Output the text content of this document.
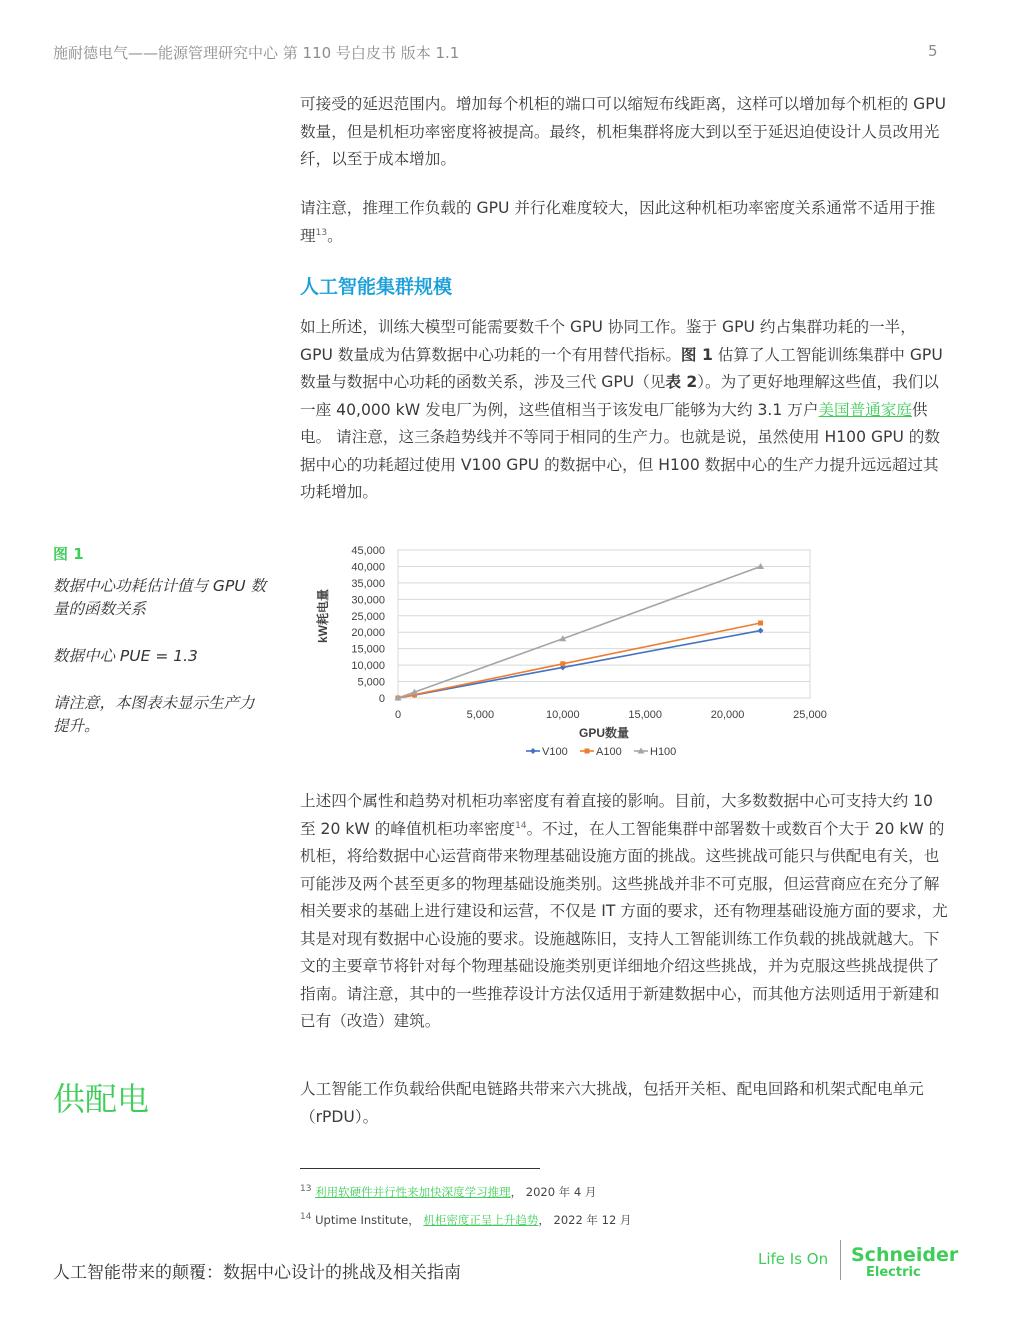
施耐德电气——能源管理研究中心 第 110 号白皮书 版本 1.1	5

可接受的延迟范围内。增加每个机柜的端口可以缩短布线距离，这样可以增加每个机柜的 GPU 数量，但是机柜功率密度将被提高。最终，机柜集群将庞大到以至于延迟迫使设计人员改用光纤，以至于成本增加。

请注意，推理工作负载的 GPU 并行化难度较大，因此这种机柜功率密度关系通常不适用于推理$^{13}$。

人工智能集群规模

如上所述，训练大模型可能需要数千个 GPU 协同工作。鉴于 GPU 约占集群功耗的一半，GPU 数量成为估算数据中心功耗的一个有用替代指标。图 1 估算了人工智能训练集群中 GPU 数量与数据中心功耗的函数关系，涉及三代 GPU（见表 2）。为了更好地理解这些值，我们以一座 40,000 kW 发电厂为例，这些值相当于该发电厂能够为大约 3.1 万户美国普通家庭供电。 请注意，这三条趋势线并不等同于相同的生产力。也就是说，虽然使用 H100 GPU 的数据中心的功耗超过使用 V100 GPU 的数据中心，但 H100 数据中心的生产力提升远远超过其功耗增加。

图 1
数据中心功耗估计值与 GPU 数量的函数关系
数据中心 PUE = 1.3
请注意，本图表未显示生产力提升。
0
5,000
10,000
15,000
20,000
25,000
30,000
35,000
40,000
45,000
0	5,000	10,000	15,000	20,000	25,000
kW耗电量
GPU数量
V100	A100	H100

上述四个属性和趋势对机柜功率密度有着直接的影响。目前，大多数数据中心可支持大约 10 至 20 kW 的峰值机柜功率密度$^{14}$。不过，在人工智能集群中部署数十或数百个大于 20 kW 的机柜，将给数据中心运营商带来物理基础设施方面的挑战。这些挑战可能只与供配电有关，也可能涉及两个甚至更多的物理基础设施类别。这些挑战并非不可克服，但运营商应在充分了解相关要求的基础上进行建设和运营，不仅是 IT 方面的要求，还有物理基础设施方面的要求，尤其是对现有数据中心设施的要求。设施越陈旧，支持人工智能训练工作负载的挑战就越大。下文的主要章节将针对每个物理基础设施类别更详细地介绍这些挑战，并为克服这些挑战提供了指南。请注意，其中的一些推荐设计方法仅适用于新建数据中心，而其他方法则适用于新建和已有（改造）建筑。

供配电	人工智能工作负载给供配电链路共带来六大挑战，包括开关柜、配电回路和机架式配电单元（rPDU）。

$^{13}$ 利用软硬件并行性来加快深度学习推理， 2020 年 4 月
$^{14}$ Uptime Institute， 机柜密度正呈上升趋势， 2022 年 12 月
人工智能带来的颠覆：数据中心设计的挑战及相关指南
Life Is On Schneider
Electric
